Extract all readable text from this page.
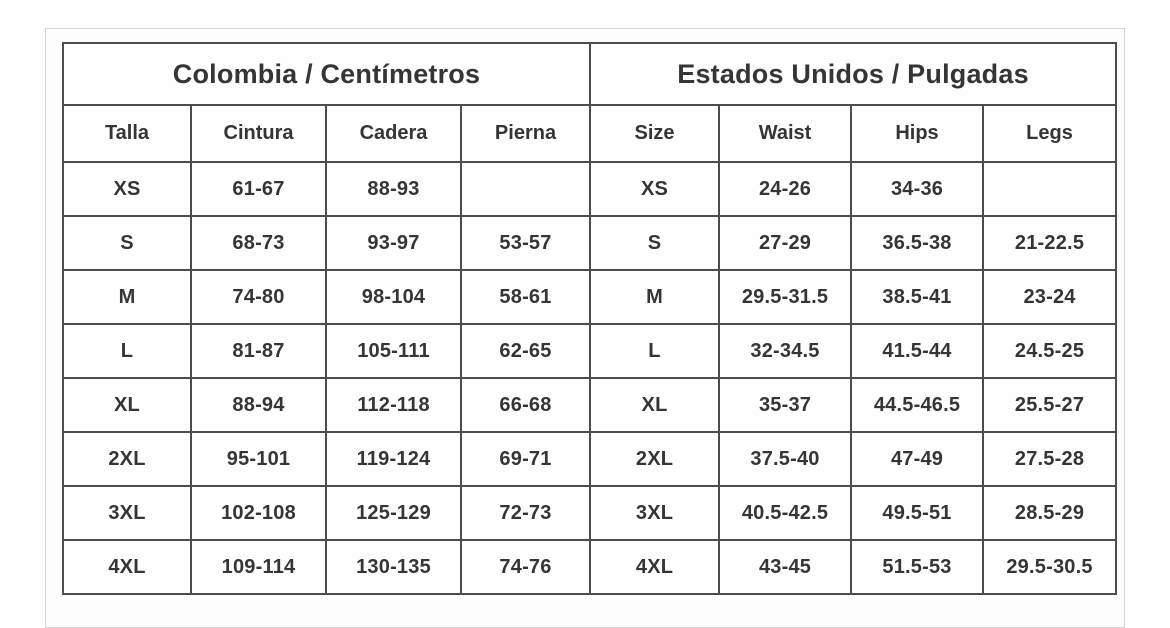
Colombia / Centímetros				Estados Unidos / Pulgadas			
Talla	Cintura	Cadera	Pierna	Size	Waist	Hips	Legs
XS	61-67	88-93		XS	24-26	34-36	
S	68-73	93-97	53-57	S	27-29	36.5-38	21-22.5
M	74-80	98-104	58-61	M	29.5-31.5	38.5-41	23-24
L	81-87	105-111	62-65	L	32-34.5	41.5-44	24.5-25
XL	88-94	112-118	66-68	XL	35-37	44.5-46.5	25.5-27
2XL	95-101	119-124	69-71	2XL	37.5-40	47-49	27.5-28
3XL	102-108	125-129	72-73	3XL	40.5-42.5	49.5-51	28.5-29
4XL	109-114	130-135	74-76	4XL	43-45	51.5-53	29.5-30.5
